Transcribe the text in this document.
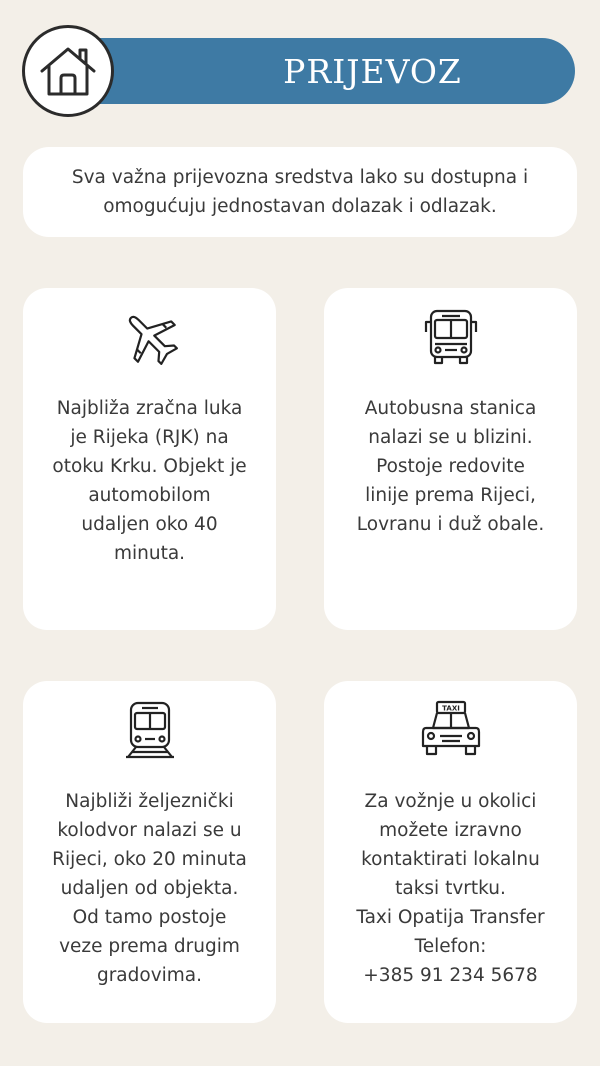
PRIJEVOZ
Sva važna prijevozna sredstva lako su dostupna i omogućuju jednostavan dolazak i odlazak.
Najbliža zračna luka
je Rijeka (RJK) na
otoku Krku. Objekt je
automobilom
udaljen oko 40
minuta.
Autobusna stanica
nalazi se u blizini.
Postoje redovite
linije prema Rijeci,
Lovranu i duž obale.
Najbliži željeznički
kolodvor nalazi se u
Rijeci, oko 20 minuta
udaljen od objekta.
Od tamo postoje
veze prema drugim
gradovima.
TAXI
Za vožnje u okolici
možete izravno
kontaktirati lokalnu
taksi tvrtku.
Taxi Opatija Transfer
Telefon:
+385 91 234 5678
